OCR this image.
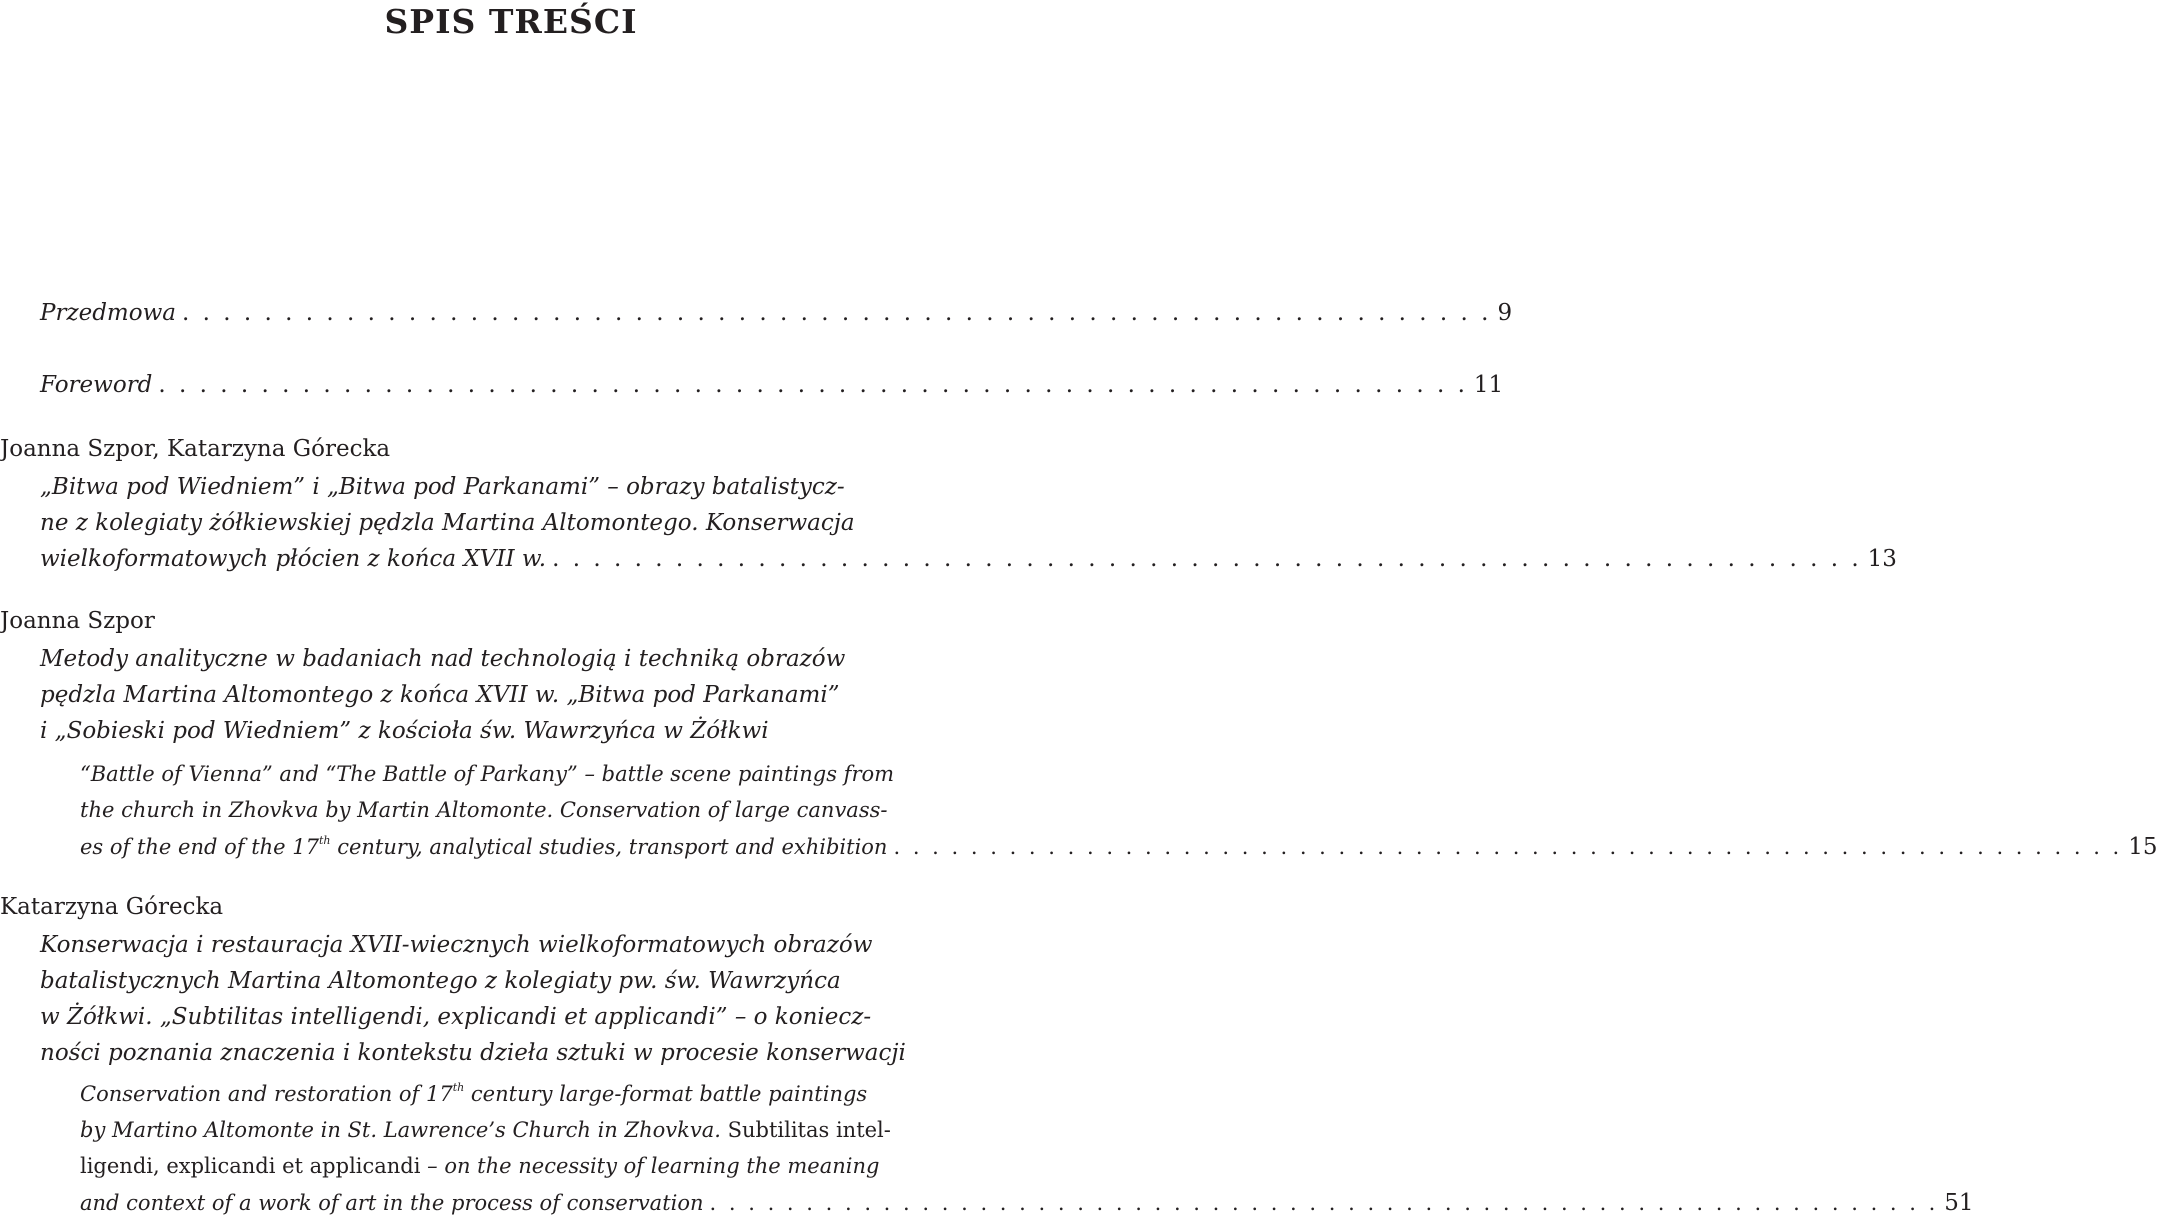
SPIS TREŚCI
Przedmowa . . . . . . . . . . . . . . . . . . . . . . . . . . . . . . . . . . . . . . . . . . . . . . . . . . . . . . . . . . . . . . . . 9
Foreword . . . . . . . . . . . . . . . . . . . . . . . . . . . . . . . . . . . . . . . . . . . . . . . . . . . . . . . . . . . . . . . . 11
Joanna Szpor, Katarzyna Górecka
„Bitwa pod Wiedniem” i „Bitwa pod Parkanami” – obrazy batalistycz-
ne z kolegiaty żółkiewskiej pędzla Martina Altomontego. Konserwacja
wielkoformatowych płócien z końca XVII w. . . . . . . . . . . . . . . . . . . . . . . . . . . . . . . . . . . . . . . . . . . . . . . . . . . . . . . . . . . . . . . . . 13
Joanna Szpor
Metody analityczne w badaniach nad technologią i techniką obrazów
pędzla Martina Altomontego z końca XVII w. „Bitwa pod Parkanami”
i „Sobieski pod Wiedniem” z kościoła św. Wawrzyńca w Żółkwi
“Battle of Vienna” and “The Battle of Parkany” – battle scene paintings from
the church in Zhovkva by Martin Altomonte. Conservation of large canvass-
es of the end of the 17th century, analytical studies, transport and exhibition . . . . . . . . . . . . . . . . . . . . . . . . . . . . . . . . . . . . . . . . . . . . . . . . . . . . . . . . . . . . . . . . 15
Katarzyna Górecka
Konserwacja i restauracja XVII-wiecznych wielkoformatowych obrazów
batalistycznych Martina Altomontego z kolegiaty pw. św. Wawrzyńca
w Żółkwi. „Subtilitas intelligendi, explicandi et applicandi” – o koniecz-
ności poznania znaczenia i kontekstu dzieła sztuki w procesie konserwacji
Conservation and restoration of 17th century large-format battle paintings
by Martino Altomonte in St. Lawrence’s Church in Zhovkva. Subtilitas intel-
ligendi, explicandi et applicandi – on the necessity of learning the meaning
and context of a work of art in the process of conservation . . . . . . . . . . . . . . . . . . . . . . . . . . . . . . . . . . . . . . . . . . . . . . . . . . . . . . . . . . . . . . . . 51
